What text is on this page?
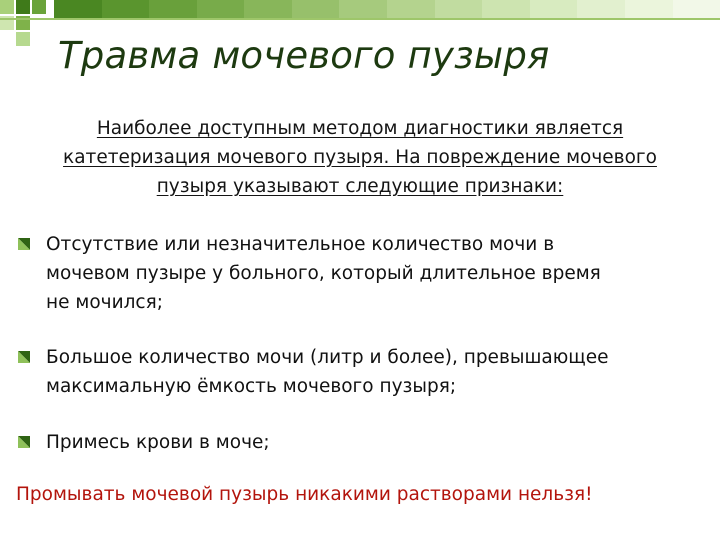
Травма мочевого пузыря
Наиболее доступным методом диагностики является
катетеризация мочевого пузыря. На повреждение мочевого
пузыря указывают следующие признаки:
Отсутствие или незначительное количество мочи в
мочевом пузыре у больного, который длительное время
не мочился;
Большое количество мочи (литр и более), превышающее
максимальную ёмкость мочевого пузыря;
Примесь крови в моче;
Промывать мочевой пузырь никакими растворами нельзя!
